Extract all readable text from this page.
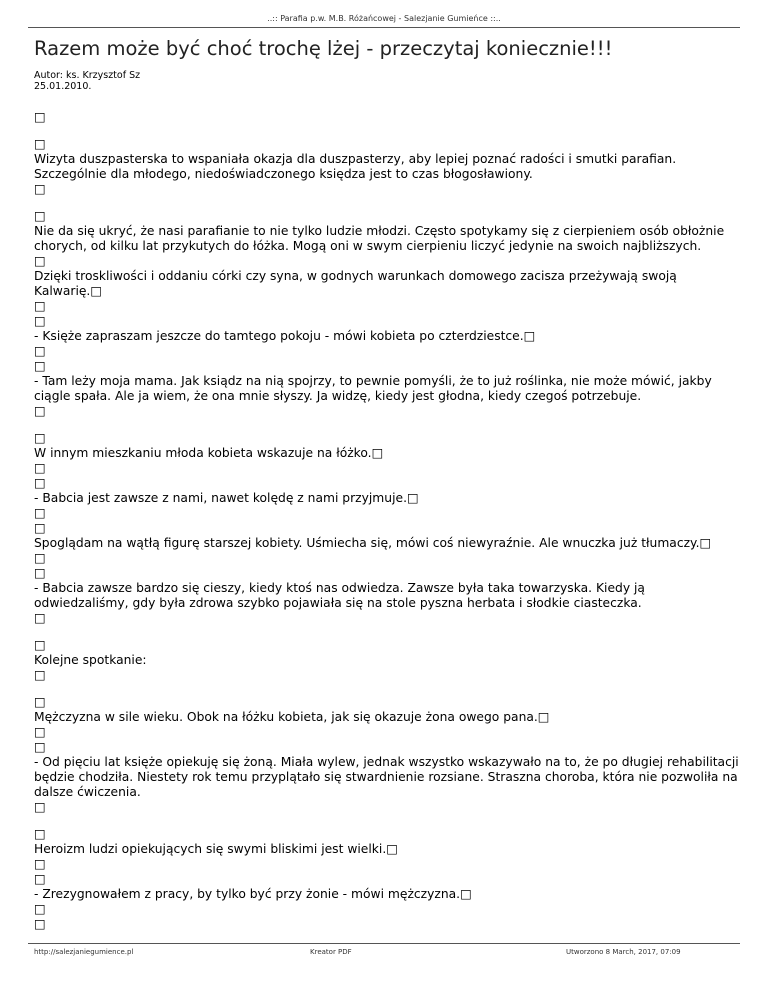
..:: Parafia p.w. M.B. Różańcowej - Salezjanie Gumieńce ::..
Razem może być choć trochę lżej - przeczytaj koniecznie!!!
Autor: ks. Krzysztof Sz
25.01.2010.

□

□

Wizyta duszpasterska to wspaniała okazja dla duszpasterzy, aby lepiej poznać radości i smutki parafian. Szczególnie dla młodego, niedoświadczonego księdza jest to czas błogosławiony.

□

□

Nie da się ukryć, że nasi parafianie to nie tylko ludzie młodzi. Często spotykamy się z cierpieniem osób obłożnie chorych, od kilku lat przykutych do łóżka. Mogą oni w swym cierpieniu liczyć jedynie na swoich najbliższych.

□

Dzięki troskliwości i oddaniu córki czy syna, w godnych warunkach domowego zacisza przeżywają swoją Kalwarię.□

□

□

- Księże zapraszam jeszcze do tamtego pokoju - mówi kobieta po czterdziestce.□

□

□

- Tam leży moja mama. Jak ksiądz na nią spojrzy, to pewnie pomyśli, że to już roślinka, nie może mówić, jakby ciągle spała. Ale ja wiem, że ona mnie słyszy. Ja widzę, kiedy jest głodna, kiedy czegoś potrzebuje.

□

□

W innym mieszkaniu młoda kobieta wskazuje na łóżko.□

□

□

- Babcia jest zawsze z nami, nawet kolędę z nami przyjmuje.□

□

□

Spoglądam na wątłą figurę starszej kobiety. Uśmiecha się, mówi coś niewyraźnie. Ale wnuczka już tłumaczy.□

□

□

- Babcia zawsze bardzo się cieszy, kiedy ktoś nas odwiedza. Zawsze była taka towarzyska. Kiedy ją odwiedzaliśmy, gdy była zdrowa szybko pojawiała się na stole pyszna herbata i słodkie ciasteczka.

□

□

Kolejne spotkanie:

□

□

Mężczyzna w sile wieku. Obok na łóżku kobieta, jak się okazuje żona owego pana.□

□

□

- Od pięciu lat księże opiekuję się żoną. Miała wylew, jednak wszystko wskazywało na to, że po długiej rehabilitacji będzie chodziła. Niestety rok temu przyplątało się stwardnienie rozsiane. Straszna choroba, która nie pozwoliła na dalsze ćwiczenia.

□

□

Heroizm ludzi opiekujących się swymi bliskimi jest wielki.□

□

□

- Zrezygnowałem z pracy, by tylko być przy żonie - mówi mężczyzna.□

□

□

http://salezjaniegumience.pl	Kreator PDF	Utworzono 8 March, 2017, 07:09
